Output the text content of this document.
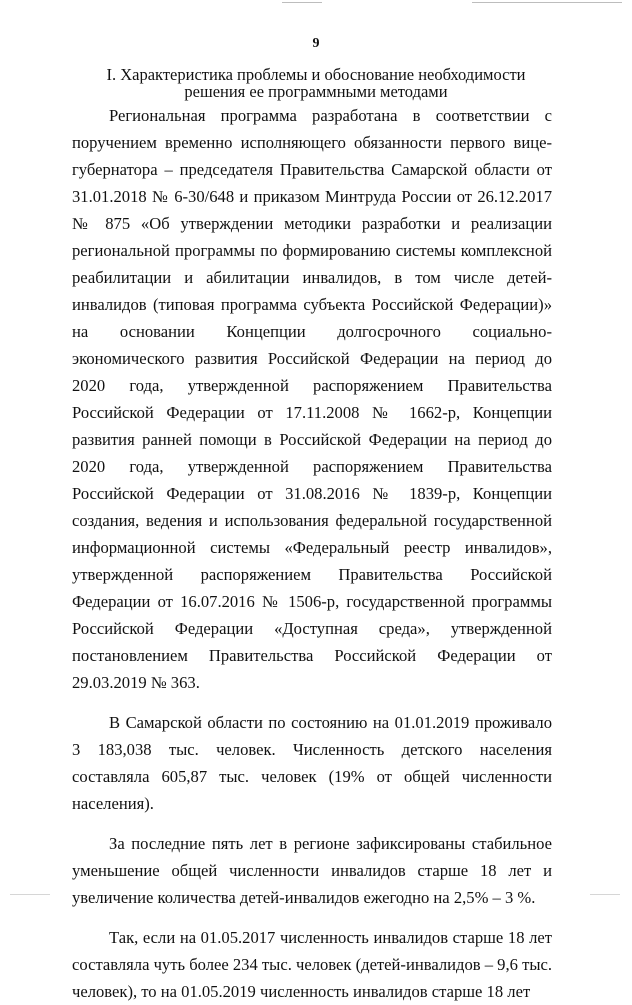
9
I. Характеристика проблемы и обоснование необходимости
решения ее программными методами

Региональная программа разработана в соответствии с поручением временно исполняющего обязанности первого вице-губернатора – председателя Правительства Самарской области от 31.01.2018 № 6-30/648 и приказом Минтруда России от 26.12.2017 № 875 «Об утверждении методики разработки и реализации региональной программы по формированию системы комплексной реабилитации и абилитации инвалидов, в том числе детей-инвалидов (типовая программа субъекта Российской Федерации)» на основании Концепции долгосрочного социально-экономического развития Российской Федерации на период до 2020 года, утвержденной распоряжением Правительства Российской Федерации от 17.11.2008 № 1662-р, Концепции развития ранней помощи в Российской Федерации на период до 2020 года, утвержденной распоряжением Правительства Российской Федерации от 31.08.2016 № 1839-р, Концепции создания, ведения и использования федеральной государственной информационной системы «Федеральный реестр инвалидов», утвержденной распоряжением Правительства Российской Федерации от 16.07.2016 № 1506-р, государственной программы Российской Федерации «Доступная среда», утвержденной постановлением Правительства Российской Федерации от 29.03.2019 № 363.

В Самарской области по состоянию на 01.01.2019 проживало 3 183,038 тыс. человек. Численность детского населения составляла 605,87 тыс. человек (19% от общей численности населения).

За последние пять лет в регионе зафиксированы стабильное уменьшение общей численности инвалидов старше 18 лет и увеличение количества детей-инвалидов ежегодно на 2,5% – 3 %.

Так, если на 01.05.2017 численность инвалидов старше 18 лет составляла чуть более 234 тыс. человек (детей-инвалидов – 9,6 тыс. человек), то на 01.05.2019 численность инвалидов старше 18 лет
